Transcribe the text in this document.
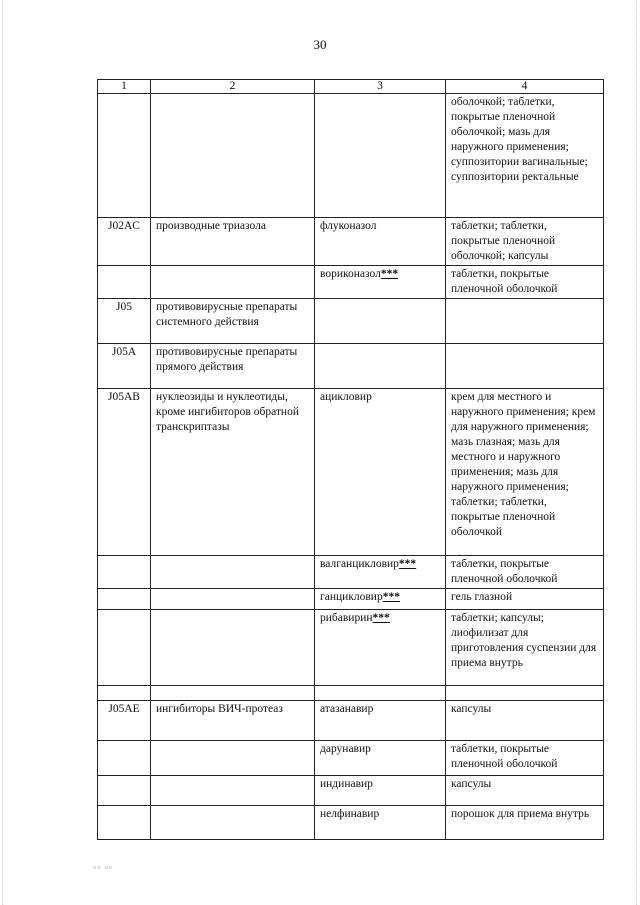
30
1	2	3	4
			оболочкой; таблетки, покрытые пленочной оболочкой; мазь для наружного применения; суппозитории вагинальные; суппозитории ректальные
J02AC	производные триазола	флуконазол	таблетки; таблетки, покрытые пленочной оболочкой; капсулы
		вориконазол***	таблетки, покрытые пленочной оболочкой
J05	противовирусные препараты системного действия		
J05A	противовирусные препараты прямого действия		
J05AB	нуклеозиды и нуклеотиды, кроме ингибиторов обратной транскриптазы	ацикловир	крем для местного и наружного применения; крем для наружного применения; мазь глазная; мазь для местного и наружного применения; мазь для наружного применения; таблетки; таблетки, покрытые пленочной оболочкой
		валганцикловир***	таблетки, покрытые пленочной оболочкой
		ганцикловир***	гель глазной
		рибавирин***	таблетки; капсулы; лиофилизат для приготовления суспензии для приема внутрь

J05AE	ингибиторы ВИЧ-протеаз	атазанавир	капсулы
		дарунавир	таблетки, покрытые пленочной оболочкой
		индинавир	капсулы
		нелфинавир	порошок для приема внутрь
▫▫ ▫▫
